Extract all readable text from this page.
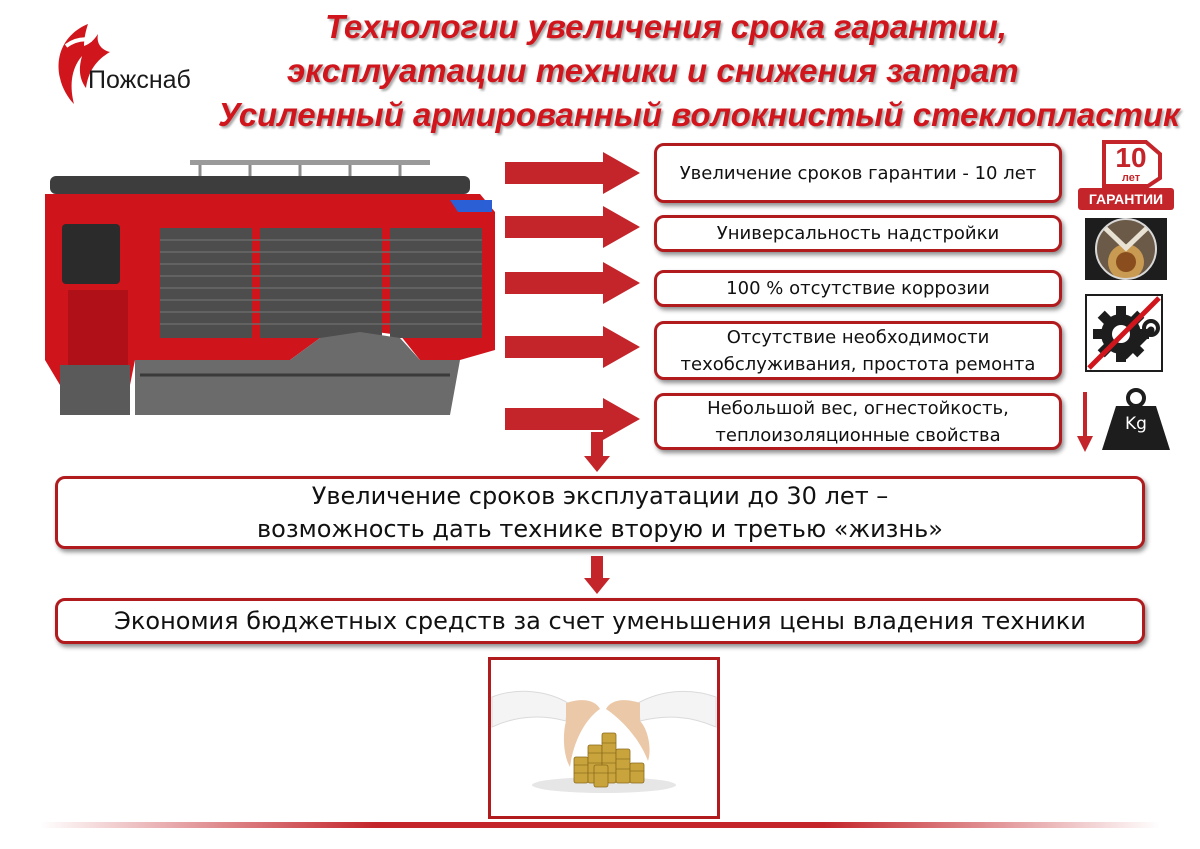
Пожснаб
Технологии увеличения срока гарантии,
эксплуатации техники и снижения затрат
Усиленный армированный волокнистый стеклопластик
Увеличение сроков гарантии - 10 лет
Универсальность надстройки
100 % отсутствие коррозии
Отсутствие необходимости
техобслуживания, простота ремонта
Небольшой вес, огнестойкость,
теплоизоляционные свойства
10
лет
ГАРАНТИИ
Kg
Увеличение сроков эксплуатации до 30 лет –
возможность дать технике вторую и третью «жизнь»
Экономия бюджетных средств за счет уменьшения цены владения техники
